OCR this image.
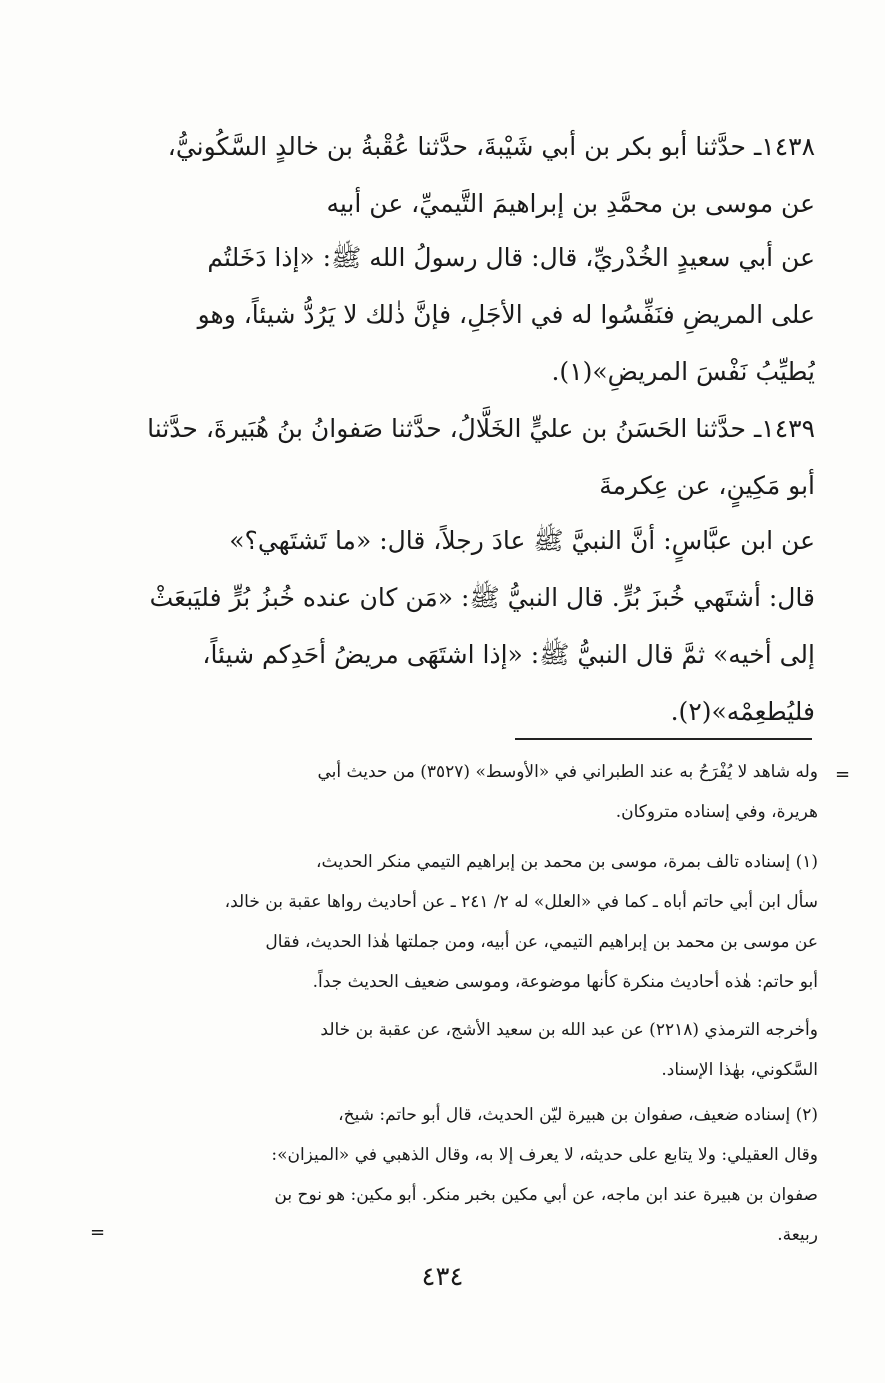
١٤٣٨ـ حدَّثنا أبو بكر بن أبي شَيْبةَ، حدَّثنا عُقْبةُ بن خالدٍ السَّكُونيُّ،
عن موسى بن محمَّدِ بن إبراهيمَ التَّيميِّ، عن أبيه
عن أبي سعيدٍ الخُدْريِّ، قال: قال رسولُ الله ﷺ: «إذا دَخَلتُم
على المريضِ فنَفِّسُوا له في الأجَلِ، فإنَّ ذٰلك لا يَرُدُّ شيئاً، وهو
يُطيِّبُ نَفْسَ المريضِ»(١).
١٤٣٩ـ حدَّثنا الحَسَنُ بن عليٍّ الخَلَّالُ، حدَّثنا صَفوانُ بنُ هُبَيرةَ، حدَّثنا
أبو مَكِينٍ، عن عِكرمةَ
عن ابن عبَّاسٍ: أنَّ النبيَّ ﷺ عادَ رجلاً، قال: «ما تَشتَهي؟»
قال: أشتَهي خُبزَ بُرٍّ. قال النبيُّ ﷺ: «مَن كان عنده خُبزُ بُرٍّ فليَبعَثْ
إلى أخيه» ثمَّ قال النبيُّ ﷺ: «إذا اشتَهَى مريضُ أحَدِكم شيئاً،
فليُطعِمْه»(٢).
=
وله شاهد لا يُفْرَحُ به عند الطبراني في «الأوسط» (٣٥٢٧) من حديث أبي
هريرة، وفي إسناده متروكان.
(١) إسناده تالف بمرة، موسى بن محمد بن إبراهيم التيمي منكر الحديث،
سأل ابن أبي حاتم أباه ـ كما في «العلل» له ٢/ ٢٤١ ـ عن أحاديث رواها عقبة بن خالد،
عن موسى بن محمد بن إبراهيم التيمي، عن أبيه، ومن جملتها هٰذا الحديث، فقال
أبو حاتم: هٰذه أحاديث منكرة كأنها موضوعة، وموسى ضعيف الحديث جداً.
وأخرجه الترمذي (٢٢١٨) عن عبد الله بن سعيد الأشج، عن عقبة بن خالد
السَّكوني، بهٰذا الإسناد.
(٢) إسناده ضعيف، صفوان بن هبيرة ليّن الحديث، قال أبو حاتم: شيخ،
وقال العقيلي: ولا يتابع على حديثه، لا يعرف إلا به، وقال الذهبي في «الميزان»:
صفوان بن هبيرة عند ابن ماجه، عن أبي مكين بخبر منكر. أبو مكين: هو نوح بن
ربيعة.
=
٤٣٤
